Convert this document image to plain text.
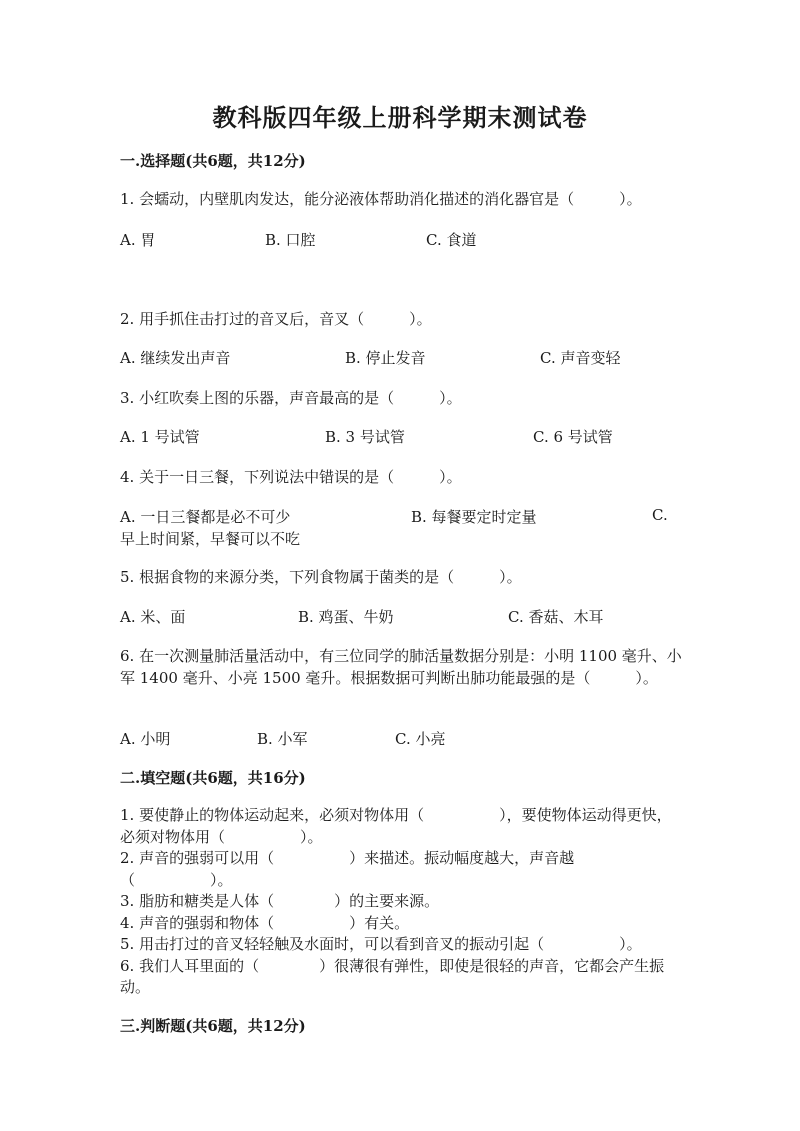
教科版四年级上册科学期末测试卷
一.选择题(共6题，共12分)
1. 会蠕动，内壁肌肉发达，能分泌液体帮助消化描述的消化器官是（　　　）。
A. 胃	B. 口腔	C. 食道
2. 用手抓住击打过的音叉后，音叉（　　　）。
A. 继续发出声音	B. 停止发音	C. 声音变轻
3. 小红吹奏上图的乐器，声音最高的是（　　　）。
A. 1 号试管	B. 3 号试管	C. 6 号试管
4. 关于一日三餐，下列说法中错误的是（　　　）。
A. 一日三餐都是必不可少	B. 每餐要定时定量	C.
早上时间紧，早餐可以不吃
5. 根据食物的来源分类，下列食物属于菌类的是（　　　）。
A. 米、面	B. 鸡蛋、牛奶	C. 香菇、木耳
6. 在一次测量肺活量活动中，有三位同学的肺活量数据分别是：小明 1100 毫升、小军 1400 毫升、小亮 1500 毫升。根据数据可判断出肺功能最强的是（　　　）。
A. 小明	B. 小军	C. 小亮
二.填空题(共6题，共16分)
1. 要使静止的物体运动起来，必须对物体用（　　　　　），要使物体运动得更快，必须对物体用（　　　　　）。
2. 声音的强弱可以用（　　　　　）来描述。振动幅度越大，声音越（　　　　　）。
3. 脂肪和糖类是人体（　　　　）的主要来源。
4. 声音的强弱和物体（　　　　　）有关。
5. 用击打过的音叉轻轻触及水面时，可以看到音叉的振动引起（　　　　　）。
6. 我们人耳里面的（　　　　）很薄很有弹性，即使是很轻的声音，它都会产生振动。
三.判断题(共6题，共12分)
